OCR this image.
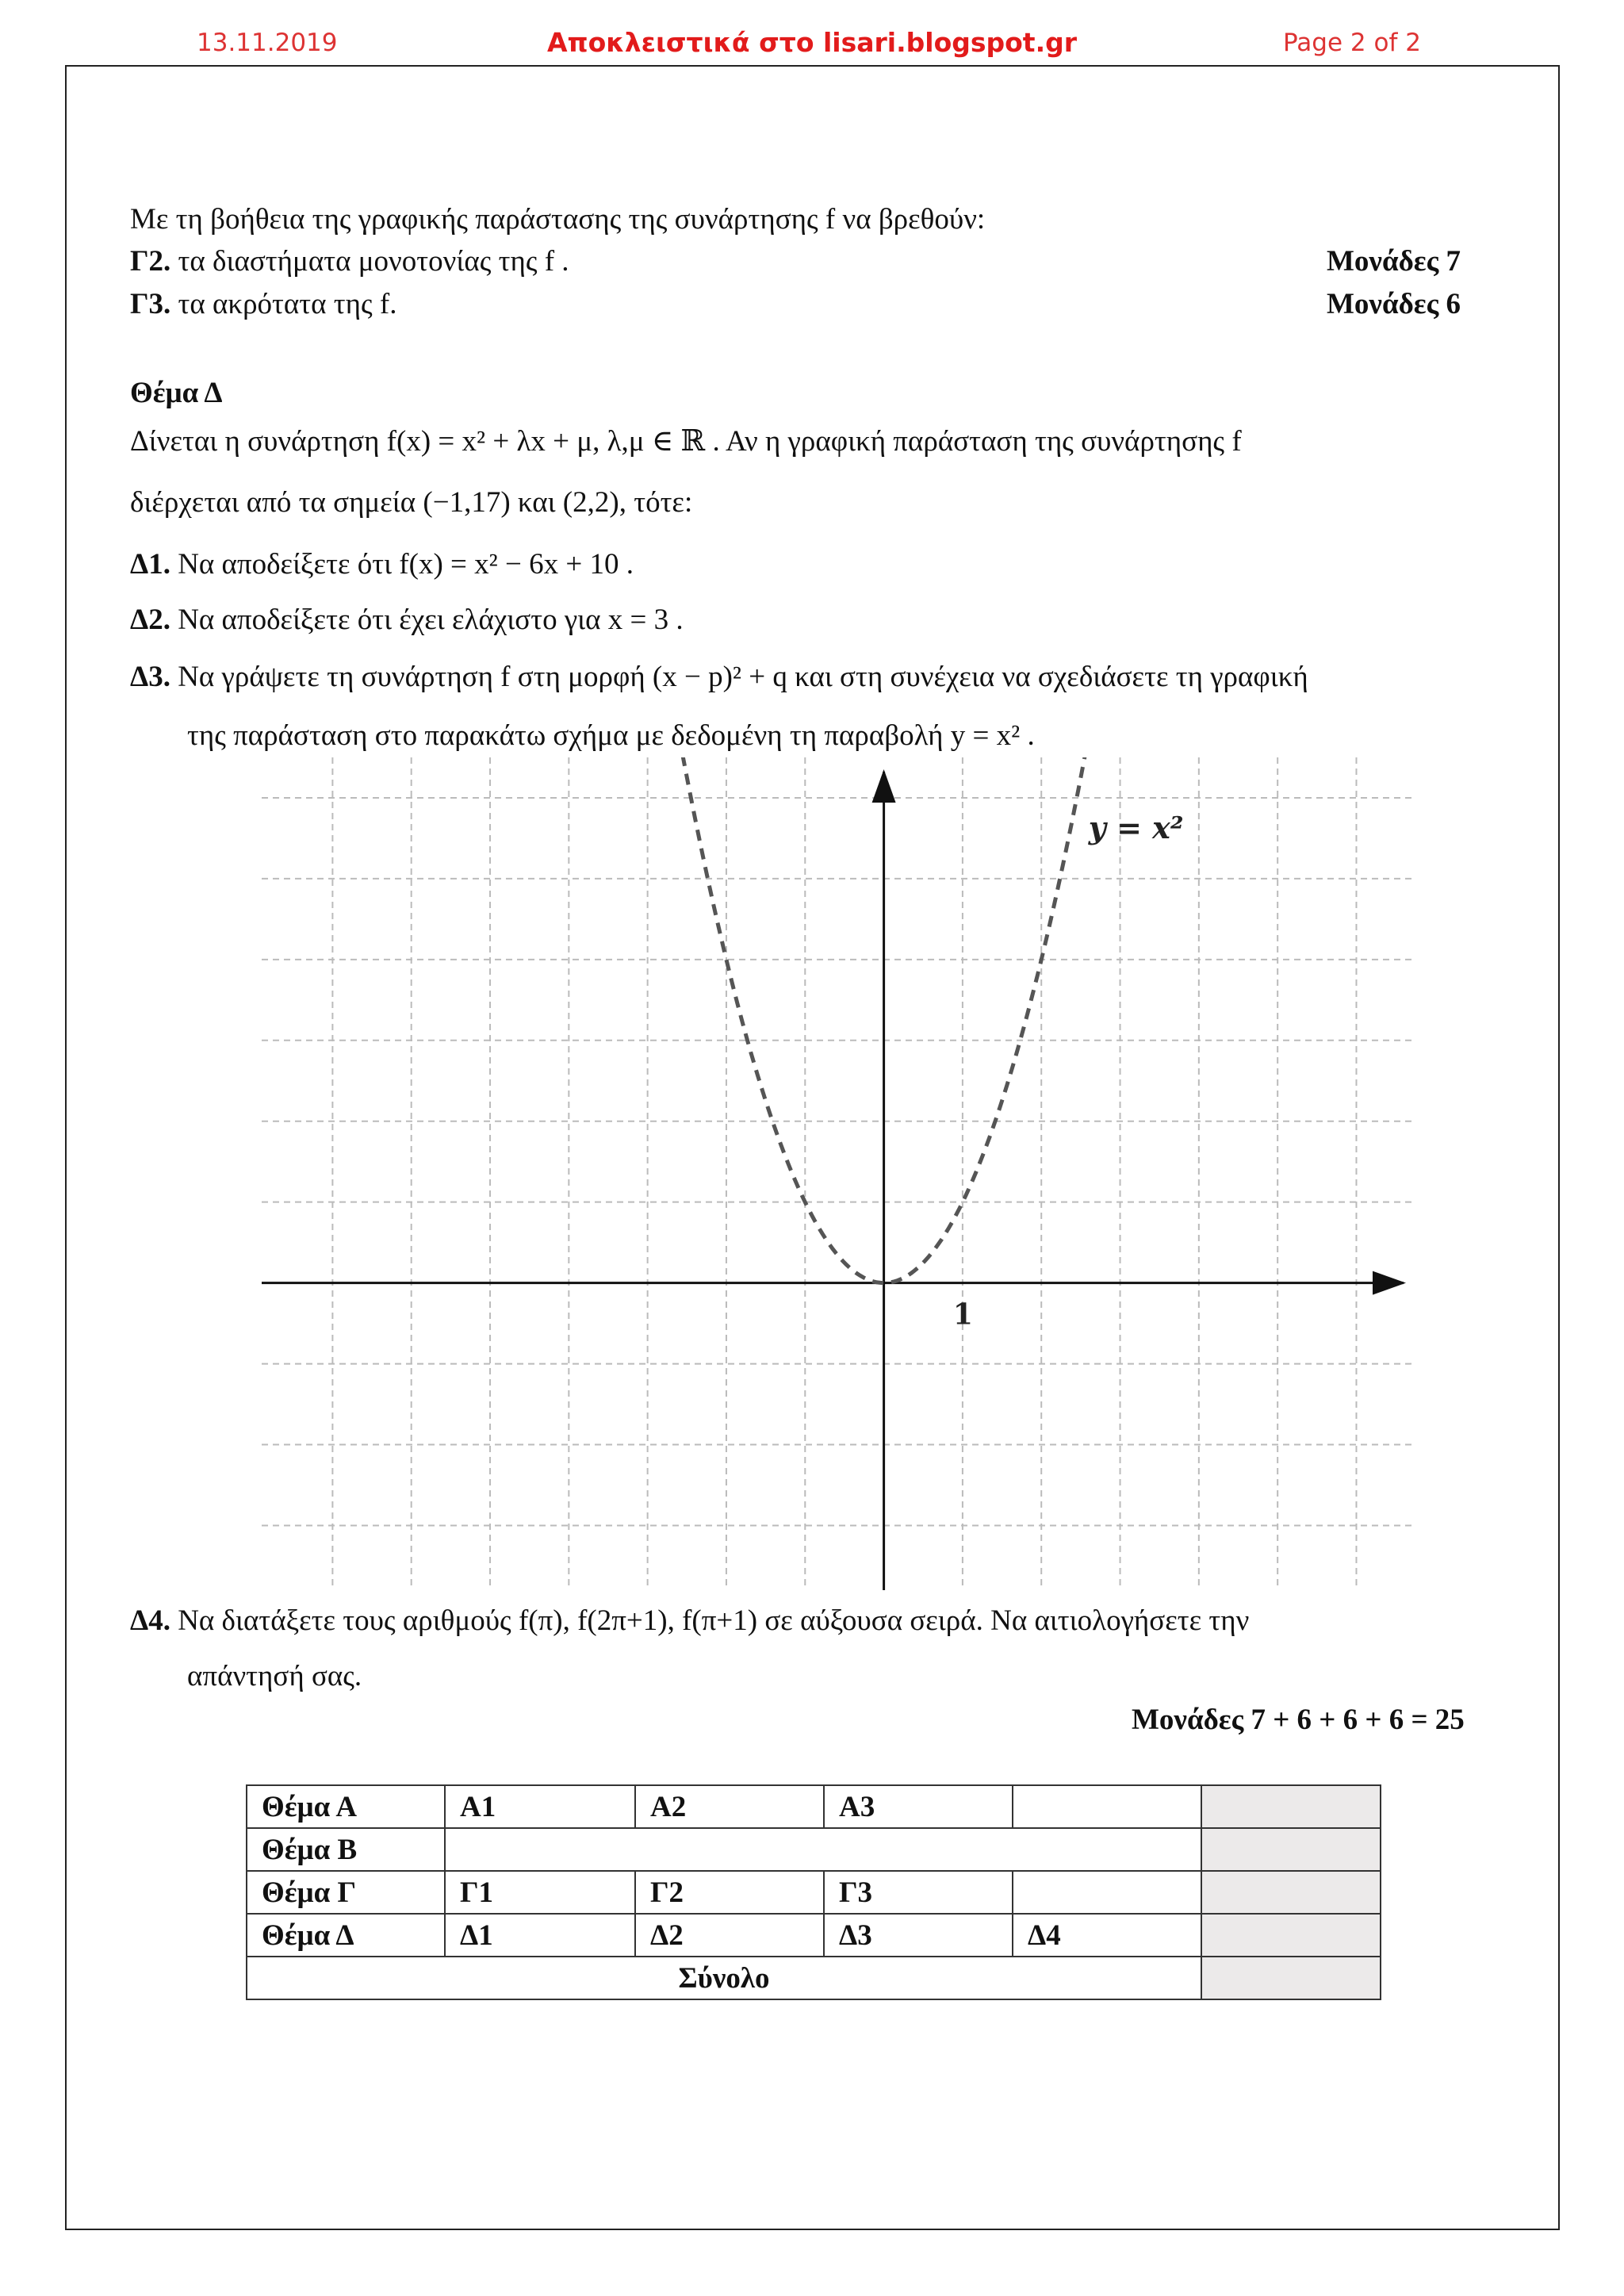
13.11.2019	Αποκλειστικά στο lisari.blogspot.gr	Page 2 of 2
Με τη βοήθεια της γραφικής παράστασης της συνάρτησης f να βρεθούν:
Γ2. τα διαστήματα μονοτονίας της f .	Μονάδες 7
Γ3. τα ακρότατα της f.	Μονάδες 6
Θέμα Δ
Δίνεται η συνάρτηση f(x) = x² + λx + μ, λ,μ ∈ ℝ . Αν η γραφική παράσταση της συνάρτησης f
διέρχεται από τα σημεία (−1,17) και (2,2), τότε:
Δ1. Να αποδείξετε ότι f(x) = x² − 6x + 10 .
Δ2. Να αποδείξετε ότι έχει ελάχιστο για x = 3 .
Δ3. Να γράψετε τη συνάρτηση f στη μορφή (x − p)² + q και στη συνέχεια να σχεδιάσετε τη γραφική
της παράσταση στο παρακάτω σχήμα με δεδομένη τη παραβολή y = x² .
y = x²
1
Δ4. Να διατάξετε τους αριθμούς f(π), f(2π+1), f(π+1) σε αύξουσα σειρά. Να αιτιολογήσετε την
απάντησή σας.
Μονάδες 7 + 6 + 6 + 6 = 25
Θέμα Α	Α1	Α2	Α3		
Θέμα Β					
Θέμα Γ	Γ1	Γ2	Γ3		
Θέμα Δ	Δ1	Δ2	Δ3	Δ4	
Σύνολο					
